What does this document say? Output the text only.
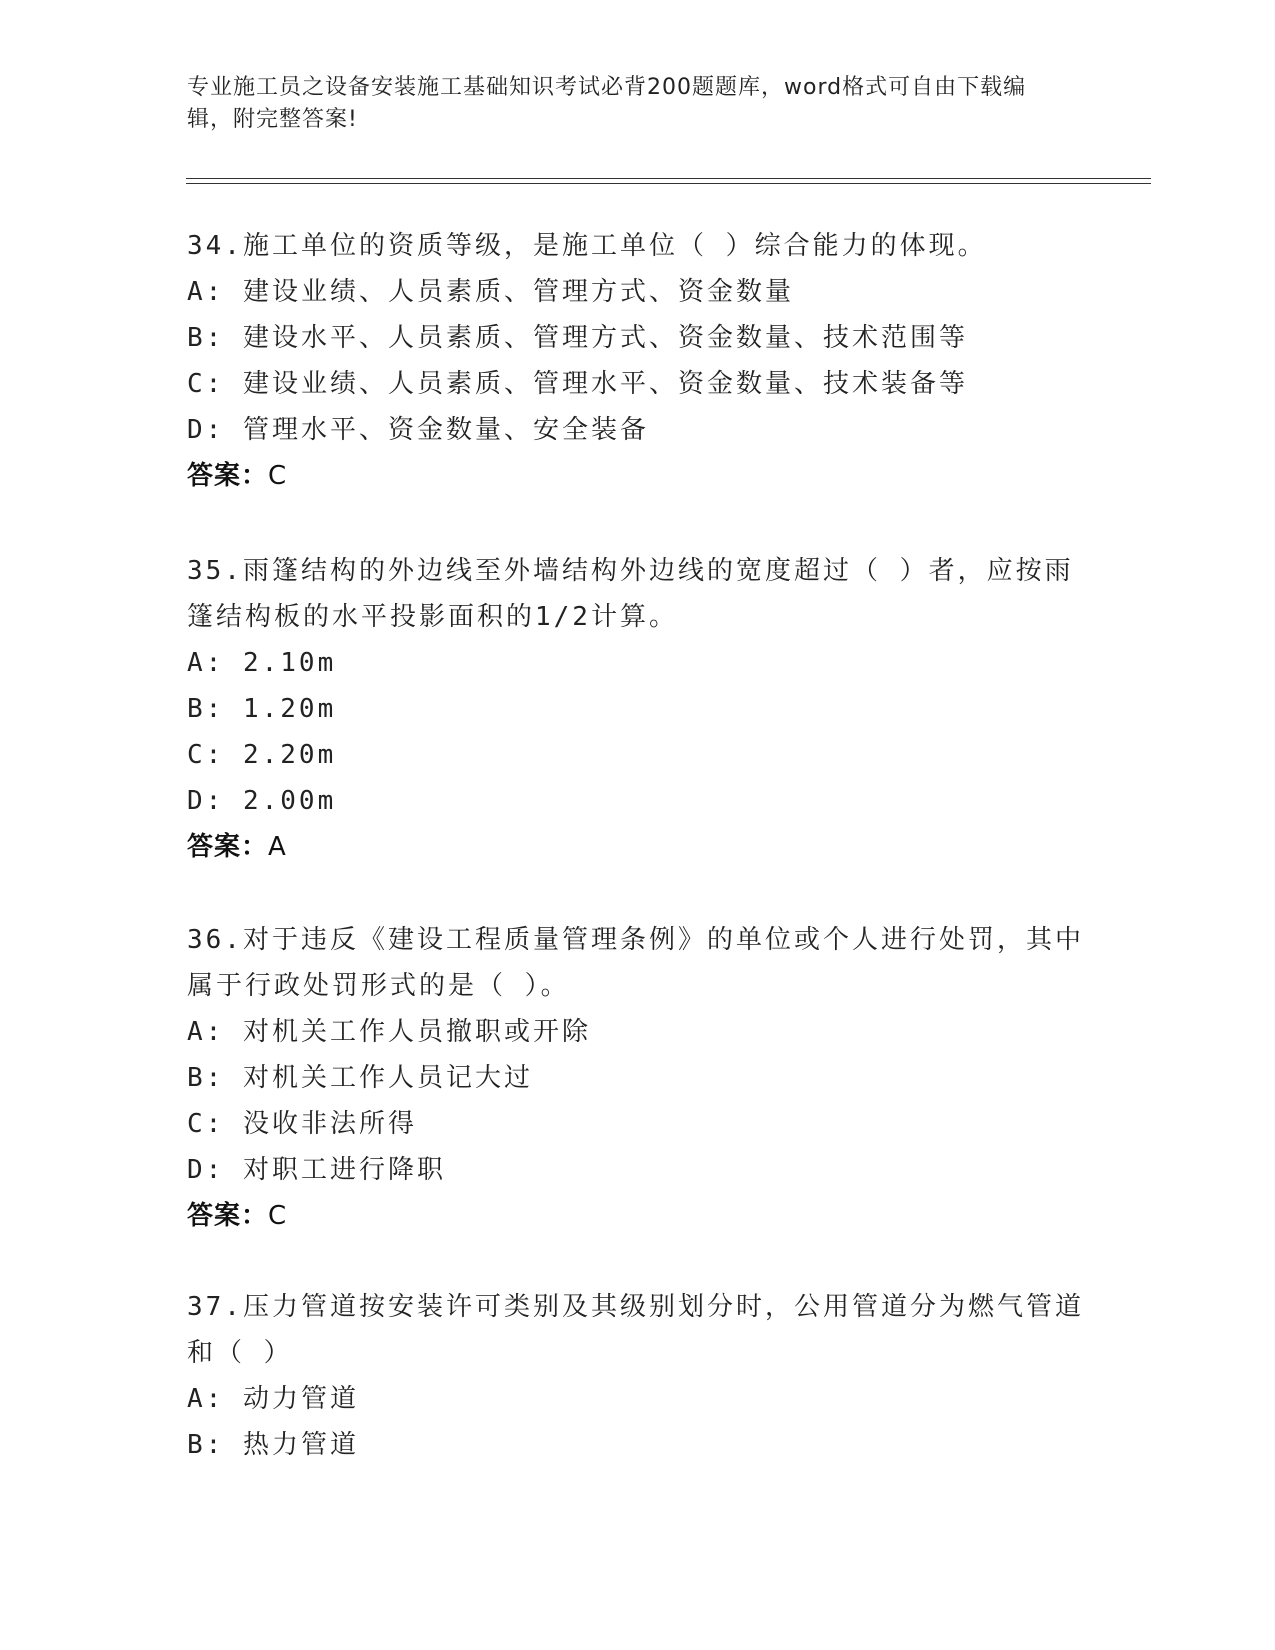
专业施工员之设备安装施工基础知识考试必背200题题库，word格式可自由下载编辑，附完整答案!
34.施工单位的资质等级，是施工单位（ ）综合能力的体现。
A: 建设业绩、人员素质、管理方式、资金数量
B: 建设水平、人员素质、管理方式、资金数量、技术范围等
C: 建设业绩、人员素质、管理水平、资金数量、技术装备等
D: 管理水平、资金数量、安全装备
答案：C
35.雨篷结构的外边线至外墙结构外边线的宽度超过（ ）者，应按雨篷结构板的水平投影面积的1/2计算。
A: 2.10m
B: 1.20m
C: 2.20m
D: 2.00m
答案：A
36.对于违反《建设工程质量管理条例》的单位或个人进行处罚，其中属于行政处罚形式的是（ ）。
A: 对机关工作人员撤职或开除
B: 对机关工作人员记大过
C: 没收非法所得
D: 对职工进行降职
答案：C
37.压力管道按安装许可类别及其级别划分时，公用管道分为燃气管道和（ ）
A: 动力管道
B: 热力管道
